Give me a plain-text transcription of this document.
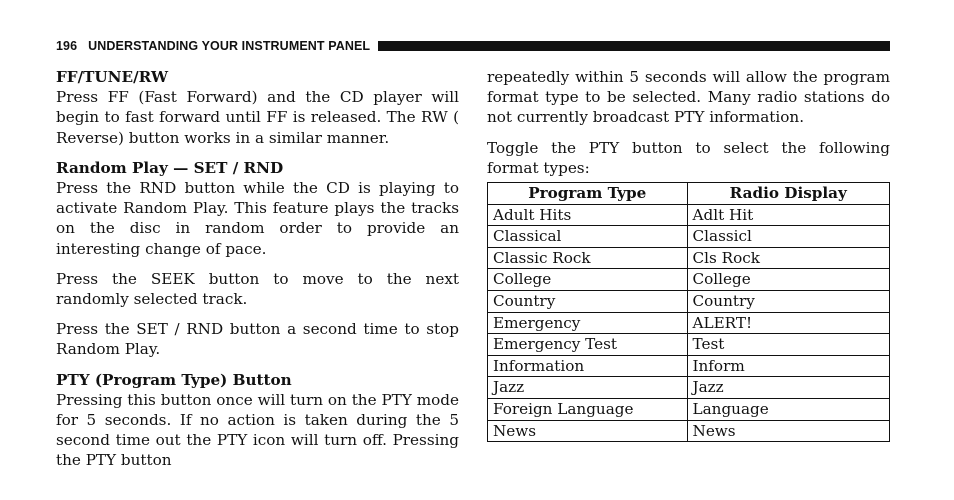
196 UNDERSTANDING YOUR INSTRUMENT PANEL
FF/TUNE/RW

Press FF (Fast Forward) and the CD player will begin to fast forward until FF is released. The RW ( Reverse) button works in a similar manner.

Random Play — SET / RND

Press the RND button while the CD is playing to activate Random Play. This feature plays the tracks on the disc in random order to provide an interesting change of pace.

Press the SEEK button to move to the next randomly selected track.

Press the SET / RND button a second time to stop Random Play.

PTY (Program Type) Button

Pressing this button once will turn on the PTY mode for 5 seconds. If no action is taken during the 5 second time out the PTY icon will turn off. Pressing the PTY button

repeatedly within 5 seconds will allow the program format type to be selected. Many radio stations do not currently broadcast PTY information.

Toggle the PTY button to select the following format types:

Program Type	Radio Display
Adult Hits	Adlt Hit
Classical	Classicl
Classic Rock	Cls Rock
College	College
Country	Country
Emergency	ALERT!
Emergency Test	Test
Information	Inform
Jazz	Jazz
Foreign Language	Language
News	News
